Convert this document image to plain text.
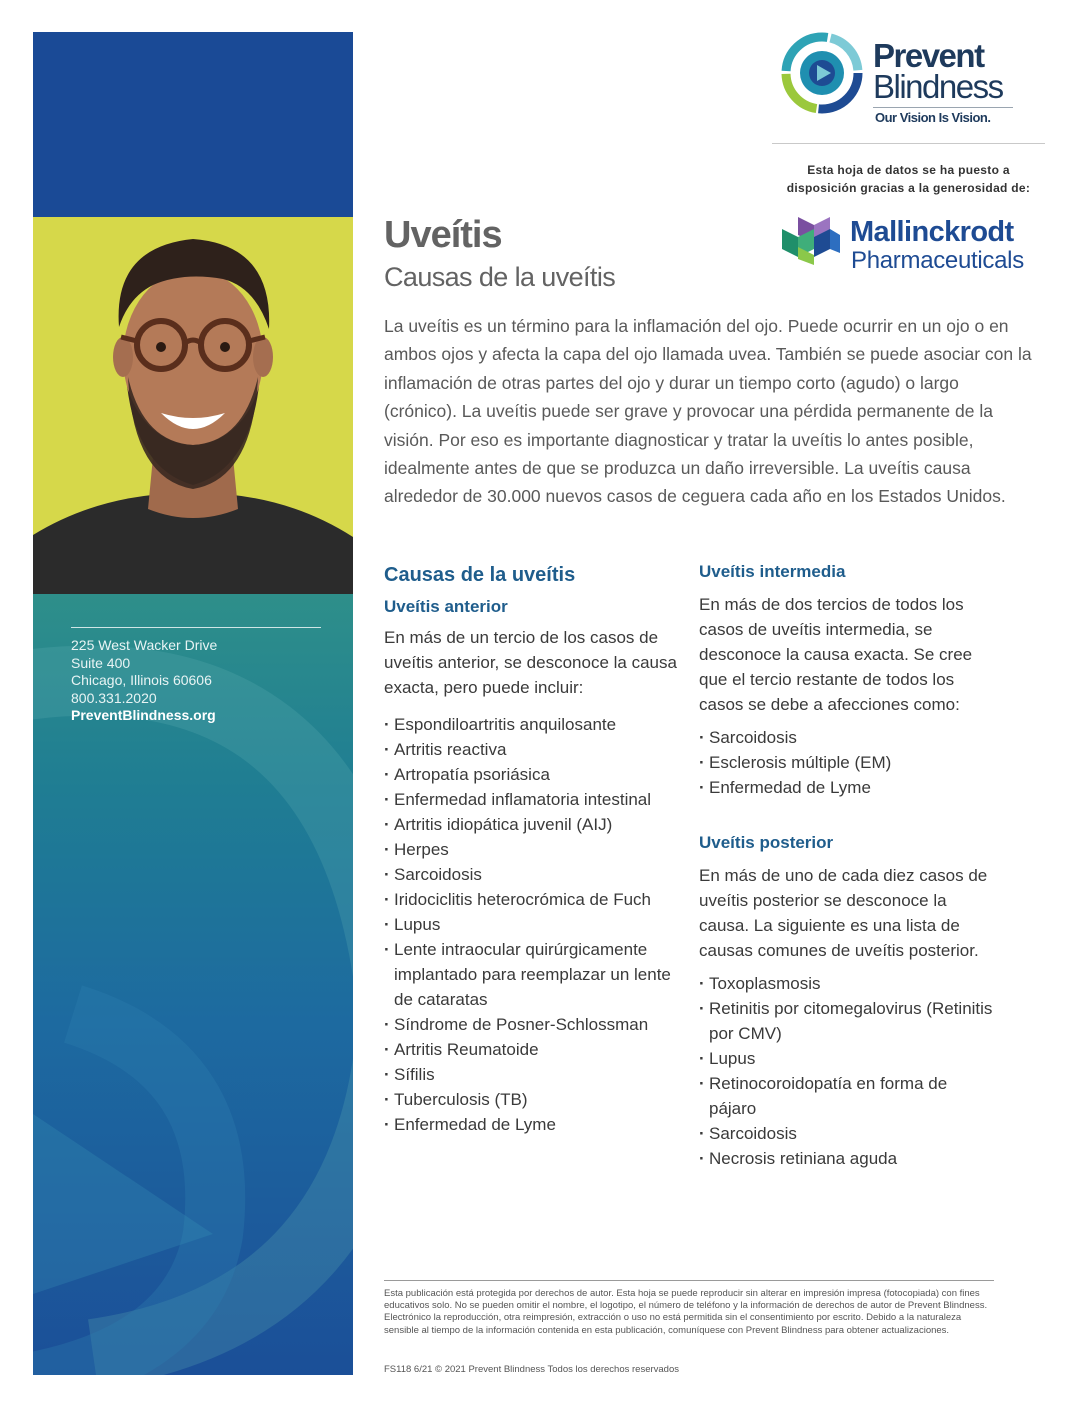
225 West Wacker Drive
Suite 400
Chicago, Illinois 60606
800.331.2020
PreventBlindness.org
Prevent
Blindness
Our Vision Is Vision.
Esta hoja de datos se ha puesto a
disposición gracias a la generosidad de:
Mallinckrodt
Pharmaceuticals
Uveítis
Causas de la uveítis

La uveítis es un término para la inflamación del ojo. Puede ocurrir en un ojo o en ambos ojos y afecta la capa del ojo llamada uvea. También se puede asociar con la inflamación de otras partes del ojo y durar un tiempo corto (agudo) o largo (crónico). La uveítis puede ser grave y provocar una pérdida permanente de la visión. Por eso es importante diagnosticar y tratar la uveítis lo antes posible, idealmente antes de que se produzca un daño irreversible. La uveítis causa alrededor de 30.000 nuevos casos de ceguera cada año en los Estados Unidos.

Causas de la uveítis
Uveítis anterior

En más de un tercio de los casos de uveítis anterior, se desconoce la causa exacta, pero puede incluir:

· Espondiloartritis anquilosante
· Artritis reactiva
· Artropatía psoriásica
· Enfermedad inflamatoria intestinal
· Artritis idiopática juvenil (AIJ)
· Herpes
· Sarcoidosis
· Iridociclitis heterocrómica de Fuch
· Lupus
· Lente intraocular quirúrgicamente implantado para reemplazar un lente de cataratas
· Síndrome de Posner-Schlossman
· Artritis Reumatoide
· Sífilis
· Tuberculosis (TB)
· Enfermedad de Lyme
Uveítis intermedia

En más de dos tercios de todos los casos de uveítis intermedia, se desconoce la causa exacta. Se cree que el tercio restante de todos los casos se debe a afecciones como:

· Sarcoidosis
· Esclerosis múltiple (EM)
· Enfermedad de Lyme
Uveítis posterior

En más de uno de cada diez casos de uveítis posterior se desconoce la causa. La siguiente es una lista de causas comunes de uveítis posterior.

· Toxoplasmosis
· Retinitis por citomegalovirus (Retinitis por CMV)
· Lupus
· Retinocoroidopatía en forma de pájaro
· Sarcoidosis
· Necrosis retiniana aguda

Esta publicación está protegida por derechos de autor. Esta hoja se puede reproducir sin alterar en impresión impresa (fotocopiada) con fines educativos solo. No se pueden omitir el nombre, el logotipo, el número de teléfono y la información de derechos de autor de Prevent Blindness. Electrónico la reproducción, otra reimpresión, extracción o uso no está permitida sin el consentimiento por escrito. Debido a la naturaleza sensible al tiempo de la información contenida en esta publicación, comuníquese con Prevent Blindness para obtener actualizaciones.

FS118 6/21 © 2021 Prevent Blindness Todos los derechos reservados
